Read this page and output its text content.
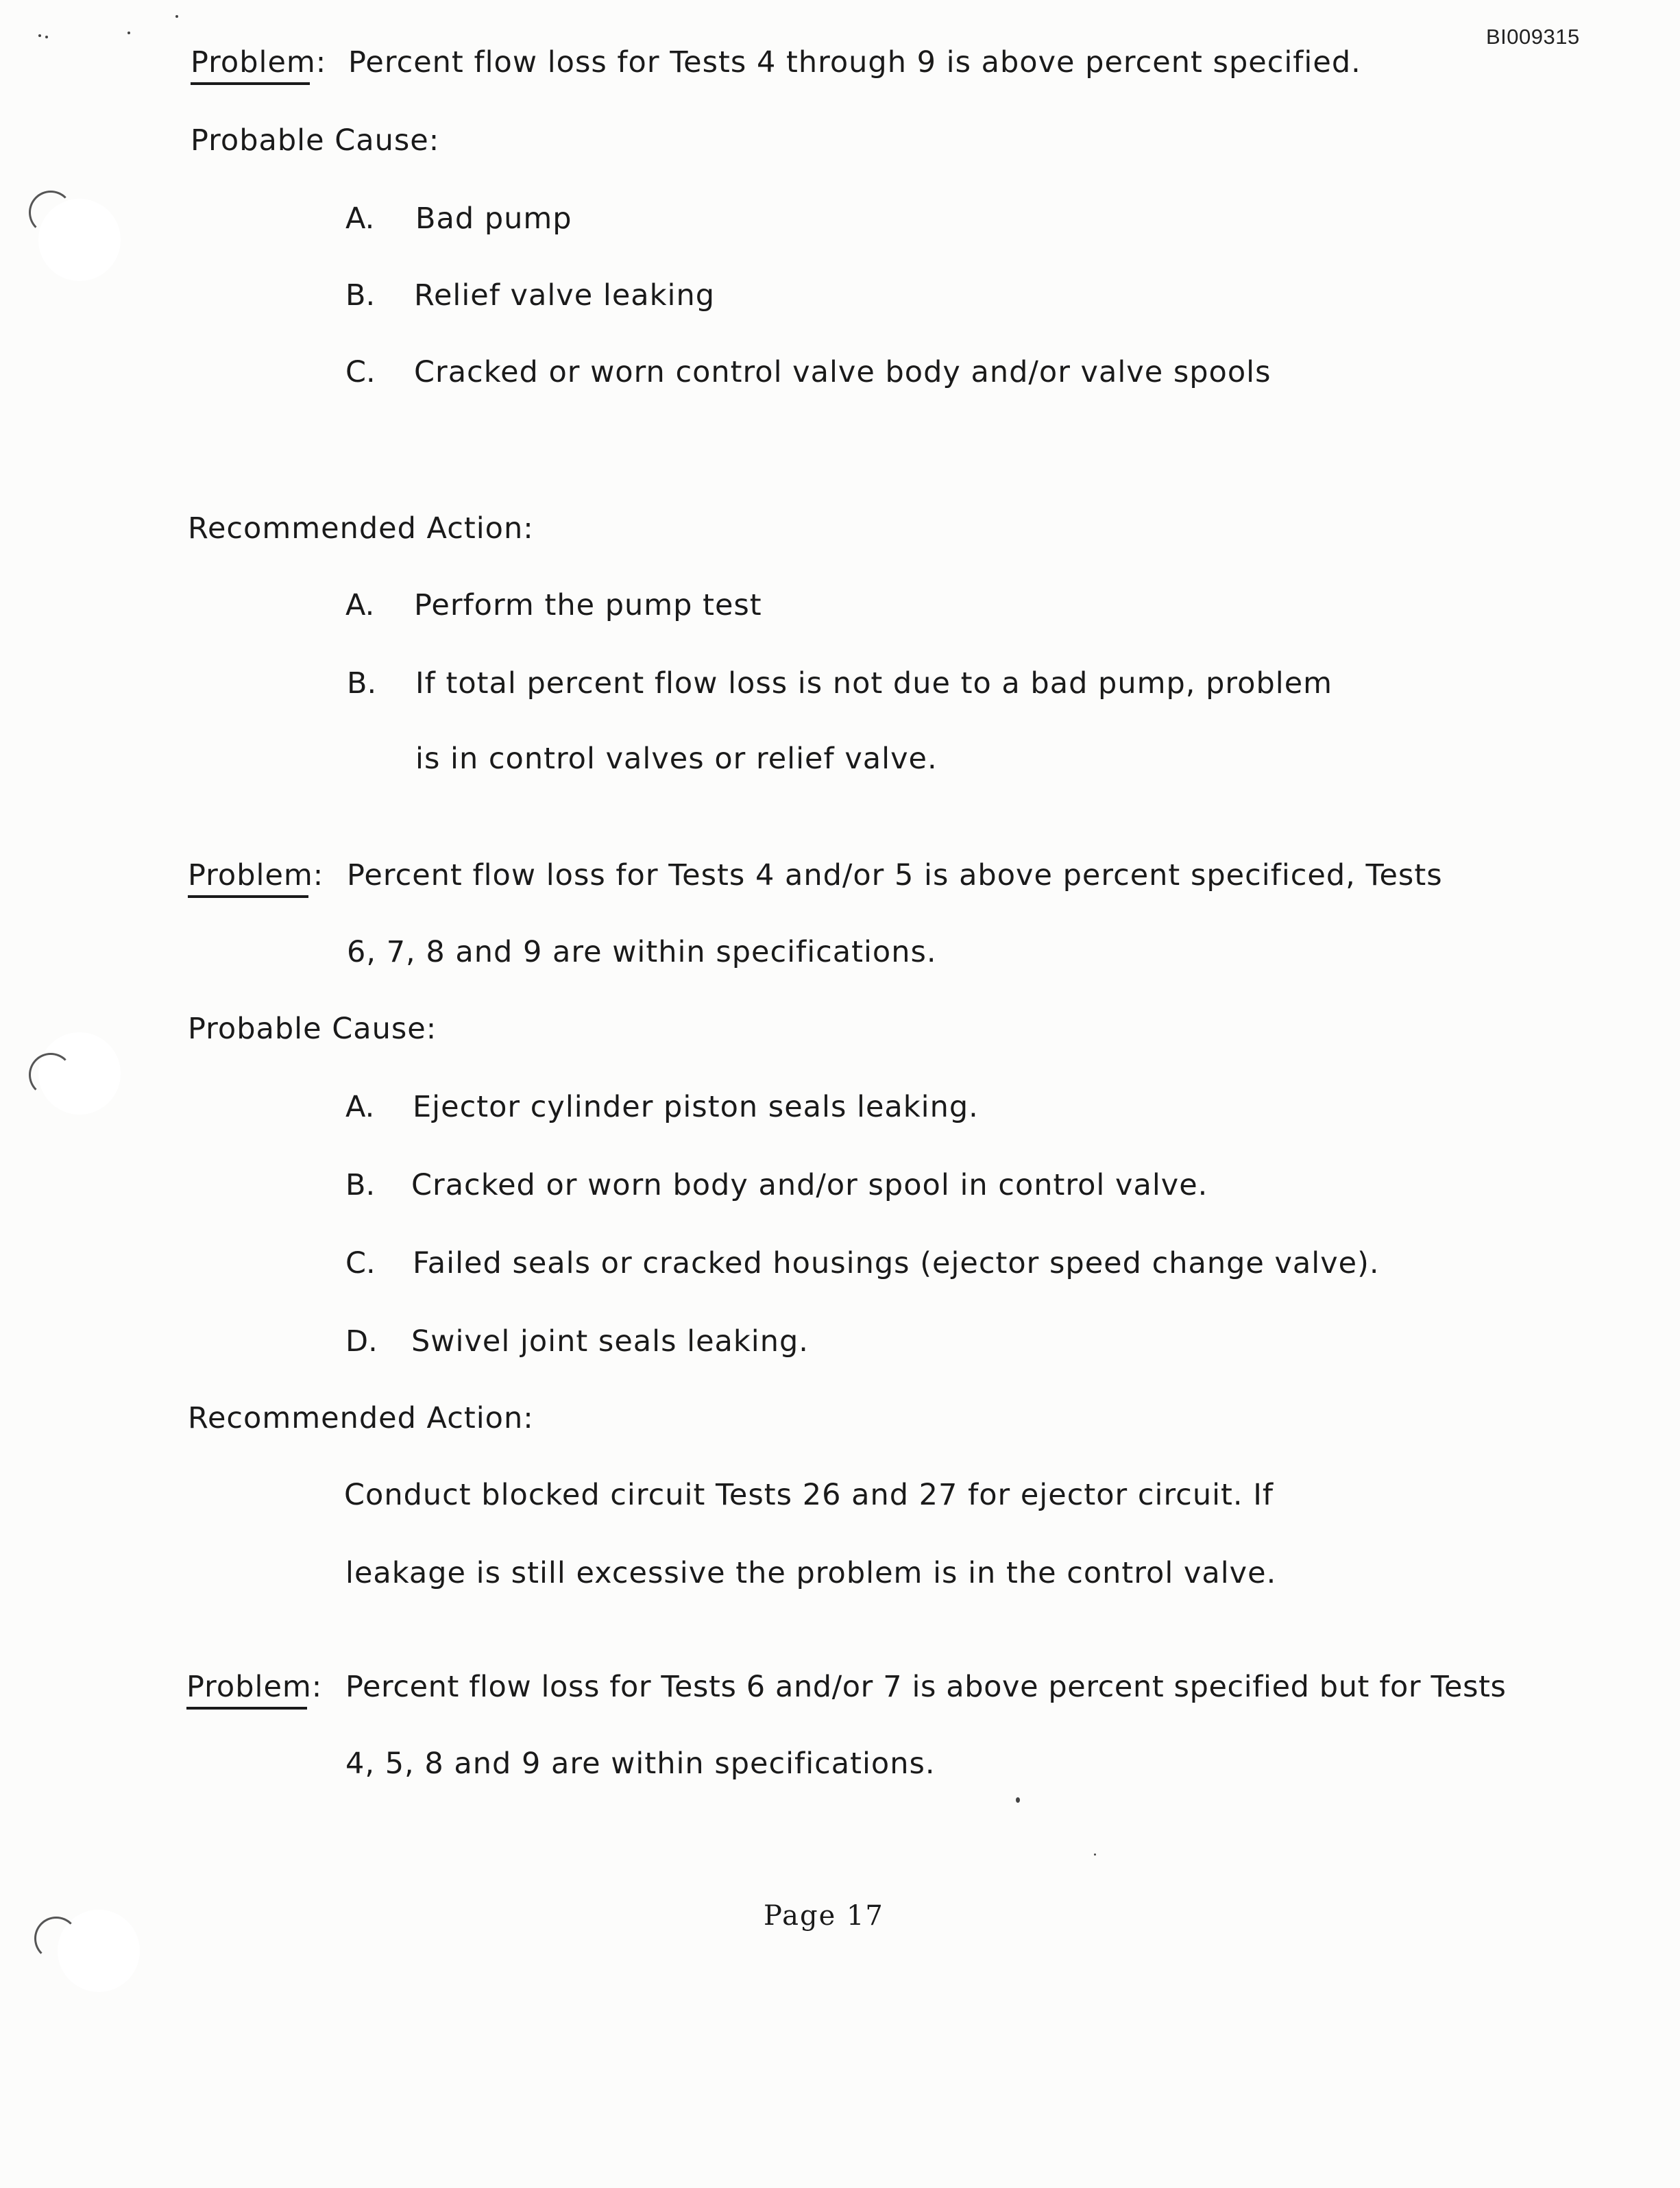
BI009315
Problem: Percent flow loss for Tests 4 through 9 is above percent specified.
Probable Cause:
A. Bad pump
B. Relief valve leaking
C. Cracked or worn control valve body and/or valve spools
Recommended Action:
A. Perform the pump test
B. If total percent flow loss is not due to a bad pump, problem
is in control valves or relief valve.
Problem: Percent flow loss for Tests 4 and/or 5 is above percent specificed, Tests
6, 7, 8 and 9 are within specifications.
Probable Cause:
A. Ejector cylinder piston seals leaking.
B. Cracked or worn body and/or spool in control valve.
C. Failed seals or cracked housings (ejector speed change valve).
D. Swivel joint seals leaking.
Recommended Action:
Conduct blocked circuit Tests 26 and 27 for ejector circuit. If
leakage is still excessive the problem is in the control valve.
Problem: Percent flow loss for Tests 6 and/or 7 is above percent specified but for Tests
4, 5, 8 and 9 are within specifications.
Page 17
